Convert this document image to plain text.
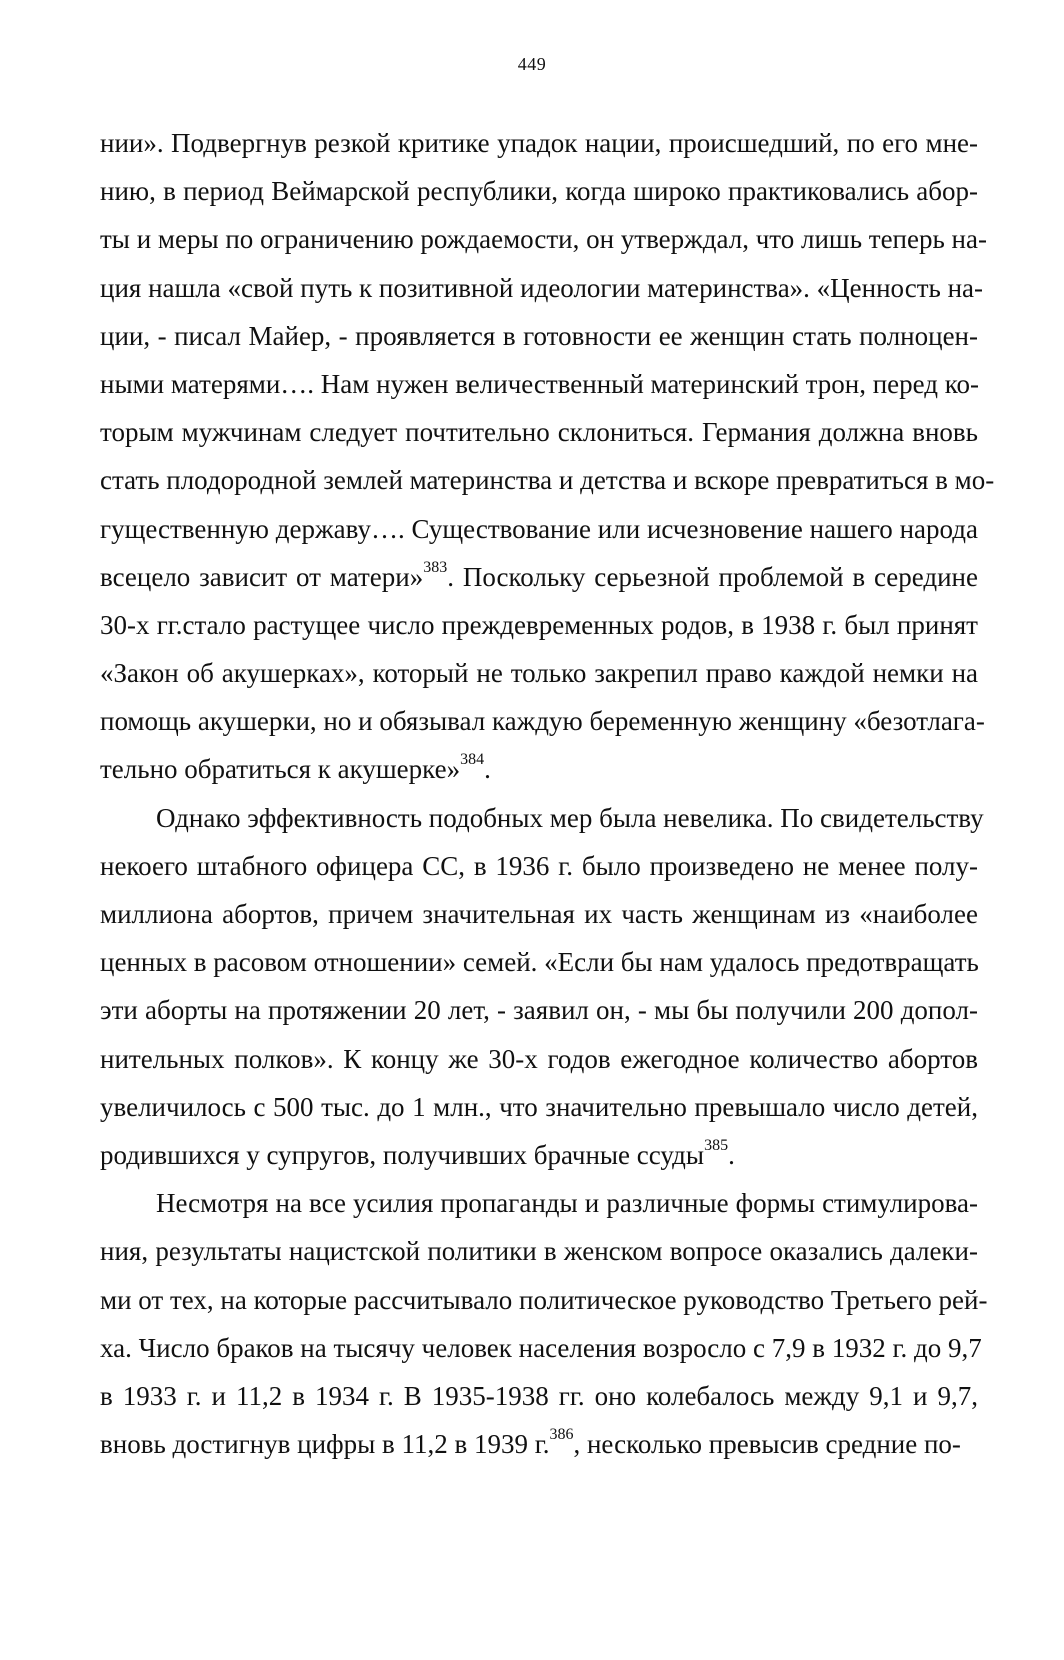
449
нии». Подвергнув резкой критике упадок нации, происшедший, по его мне-
нию, в период Веймарской республики, когда широко практиковались абор-
ты и меры по ограничению рождаемости, он утверждал, что лишь теперь на-
ция нашла «свой путь к позитивной идеологии материнства». «Ценность на-
ции, - писал Майер, - проявляется в готовности ее женщин стать полноцен-
ными матерями…. Нам нужен величественный материнский трон, перед ко-
торым мужчинам следует почтительно склониться. Германия должна вновь
стать плодородной землей материнства и детства и вскоре превратиться в мо-
гущественную державу…. Существование или исчезновение нашего народа
всецело зависит от матери»$^{383}$. Поскольку серьезной проблемой в середине
30-х гг.стало растущее число преждевременных родов, в 1938 г. был принят
«Закон об акушерках», который не только закрепил право каждой немки на
помощь акушерки, но и обязывал каждую беременную женщину «безотлага-
тельно обратиться к акушерке»$^{384}$.
Однако эффективность подобных мер была невелика. По свидетельству
некоего штабного офицера СС, в 1936 г. было произведено не менее полу-
миллиона абортов, причем значительная их часть женщинам из «наиболее
ценных в расовом отношении» семей. «Если бы нам удалось предотвращать
эти аборты на протяжении 20 лет, - заявил он, - мы бы получили 200 допол-
нительных полков». К концу же 30-х годов ежегодное количество абортов
увеличилось с 500 тыс. до 1 млн., что значительно превышало число детей,
родившихся у супругов, получивших брачные ссуды$^{385}$.
Несмотря на все усилия пропаганды и различные формы стимулирова-
ния, результаты нацистской политики в женском вопросе оказались далеки-
ми от тех, на которые рассчитывало политическое руководство Третьего рей-
ха. Число браков на тысячу человек населения возросло с 7,9 в 1932 г. до 9,7
в 1933 г. и 11,2 в 1934 г. В 1935-1938 гг. оно колебалось между 9,1 и 9,7,
вновь достигнув цифры в 11,2 в 1939 г.$^{386}$, несколько превысив средние по-
